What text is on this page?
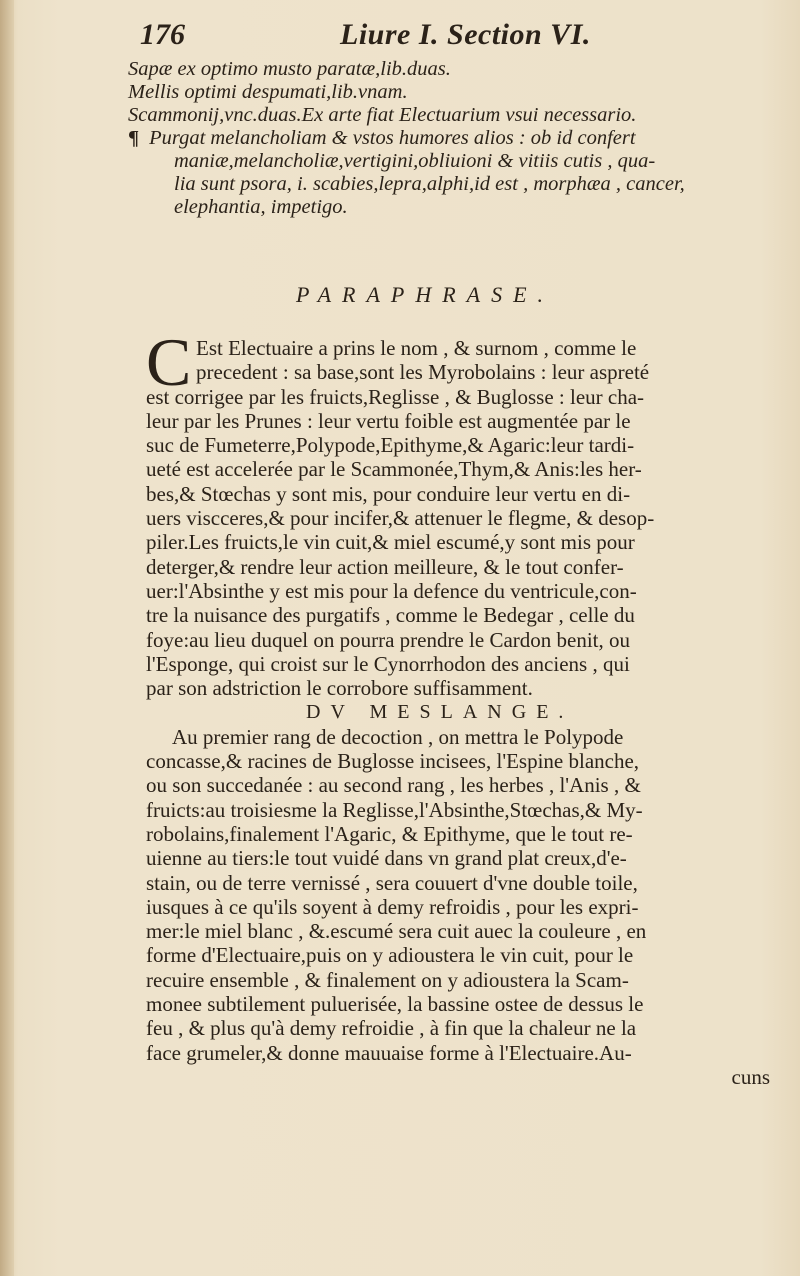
176	Liure I. Section VI.
Sapæ ex optimo musto paratæ,lib.duas.
Mellis optimi despumati,lib.vnam.
Scammonij,vnc.duas.Ex arte fiat Electuarium vsui necessario.
¶ Purgat melancholiam & vstos humores alios : ob id confert
maniæ,melancholiæ,vertigini,obliuioni & vitiis cutis , qua-
lia sunt psora, i. scabies,lepra,alphi,id est , morphæa , cancer,
elephantia, impetigo.
PARAPHRASE.
C Est Electuaire a prins le nom , & surnom , comme le
precedent : sa base,sont les Myrobolains : leur aspreté
est corrigee par les fruicts,Reglisse , & Buglosse : leur cha-
leur par les Prunes : leur vertu foible est augmentée par le
suc de Fumeterre,Polypode,Epithyme,& Agaric:leur tardi-
ueté est accelerée par le Scammonée,Thym,& Anis:les her-
bes,& Stœchas y sont mis, pour conduire leur vertu en di-
uers viscceres,& pour incifer,& attenuer le flegme, & desop-
piler.Les fruicts,le vin cuit,& miel escumé,y sont mis pour
deterger,& rendre leur action meilleure, & le tout confer-
uer:l'Absinthe y est mis pour la defence du ventricule,con-
tre la nuisance des purgatifs , comme le Bedegar , celle du
foye:au lieu duquel on pourra prendre le Cardon benit, ou
l'Esponge, qui croist sur le Cynorrhodon des anciens , qui
par son adstriction le corrobore suffisamment.
DV MESLANGE.
Au premier rang de decoction , on mettra le Polypode
concasse,& racines de Buglosse incisees, l'Espine blanche,
ou son succedanée : au second rang , les herbes , l'Anis , &
fruicts:au troisiesme la Reglisse,l'Absinthe,Stœchas,& My-
robolains,finalement l'Agaric, & Epithyme, que le tout re-
uienne au tiers:le tout vuidé dans vn grand plat creux,d'e-
stain, ou de terre vernissé , sera couuert d'vne double toile,
iusques à ce qu'ils soyent à demy refroidis , pour les expri-
mer:le miel blanc , &.escumé sera cuit auec la couleure , en
forme d'Electuaire,puis on y adioustera le vin cuit, pour le
recuire ensemble , & finalement on y adioustera la Scam-
monee subtilement puluerisée, la bassine ostee de dessus le
feu , & plus qu'à demy refroidie , à fin que la chaleur ne la
face grumeler,& donne mauuaise forme à l'Electuaire.Au-
cuns
